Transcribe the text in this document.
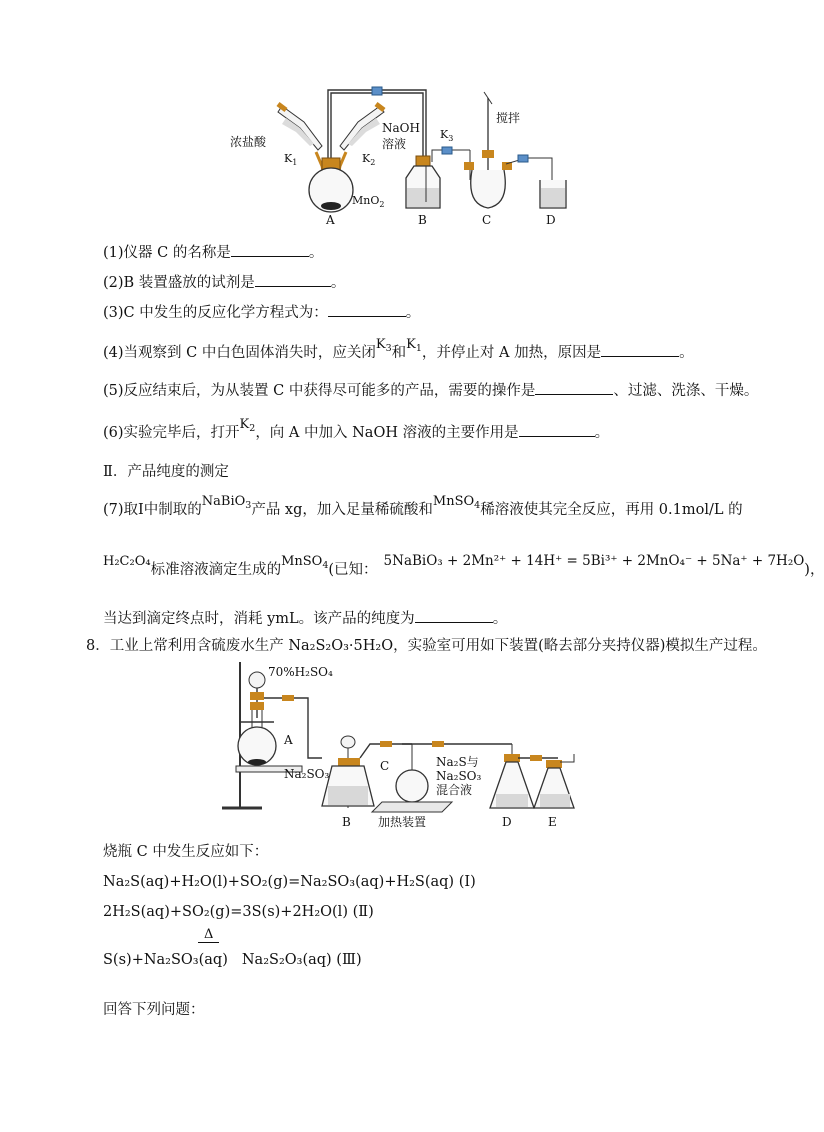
浓盐酸
$K_1$
NaOH
溶液
$K_2$
$K_3$
MnO$_2$
搅拌
A	B	C	D
(1)仪器 C 的名称是	。
(2)B 装置盛放的试剂是	。
(3)C 中发生的反应化学方程式为：	。
(4)当观察到 C 中白色固体消失时，应关闭$K_3$和$K_1$，并停止对 A 加热，原因是	。
(5)反应结束后，为从装置 C 中获得尽可能多的产品，需要的操作是	、过滤、洗涤、干燥。
(6)实验完毕后，打开$K_2$，向 A 中加入 NaOH 溶液的主要作用是	。
Ⅱ．产品纯度的测定
(7)取Ⅰ中制取的NaBiO$_3$产品 xg，加入足量稀硫酸和MnSO$_4$稀溶液使其完全反应，再用 0.1mol/L 的
H₂C₂O₄标准溶液滴定生成的MnSO$_4$(已知：5NaBiO₃ + 2Mn²⁺ + 14H⁺ = 5Bi³⁺ + 2MnO₄⁻ + 5Na⁺ + 7H₂O)，
当达到滴定终点时，消耗 ymL。该产品的纯度为	。
8．工业上常利用含硫废水生产 Na₂S₂O₃·5H₂O，实验室可用如下装置(略去部分夹持仪器)模拟生产过程。
70%H₂SO₄
A
Na₂SO₃
B
C	Na₂S与
Na₂SO₃
混合液
加热装置	D	E
烧瓶 C 中发生反应如下：
Na₂S(aq)+H₂O(l)+SO₂(g)=Na₂SO₃(aq)+H₂S(aq) (Ⅰ)
2H₂S(aq)+SO₂(g)=3S(s)+2H₂O(l) (Ⅱ)
Δ
S(s)+Na₂SO₃(aq) Na₂S₂O₃(aq) (Ⅲ)
回答下列问题：
